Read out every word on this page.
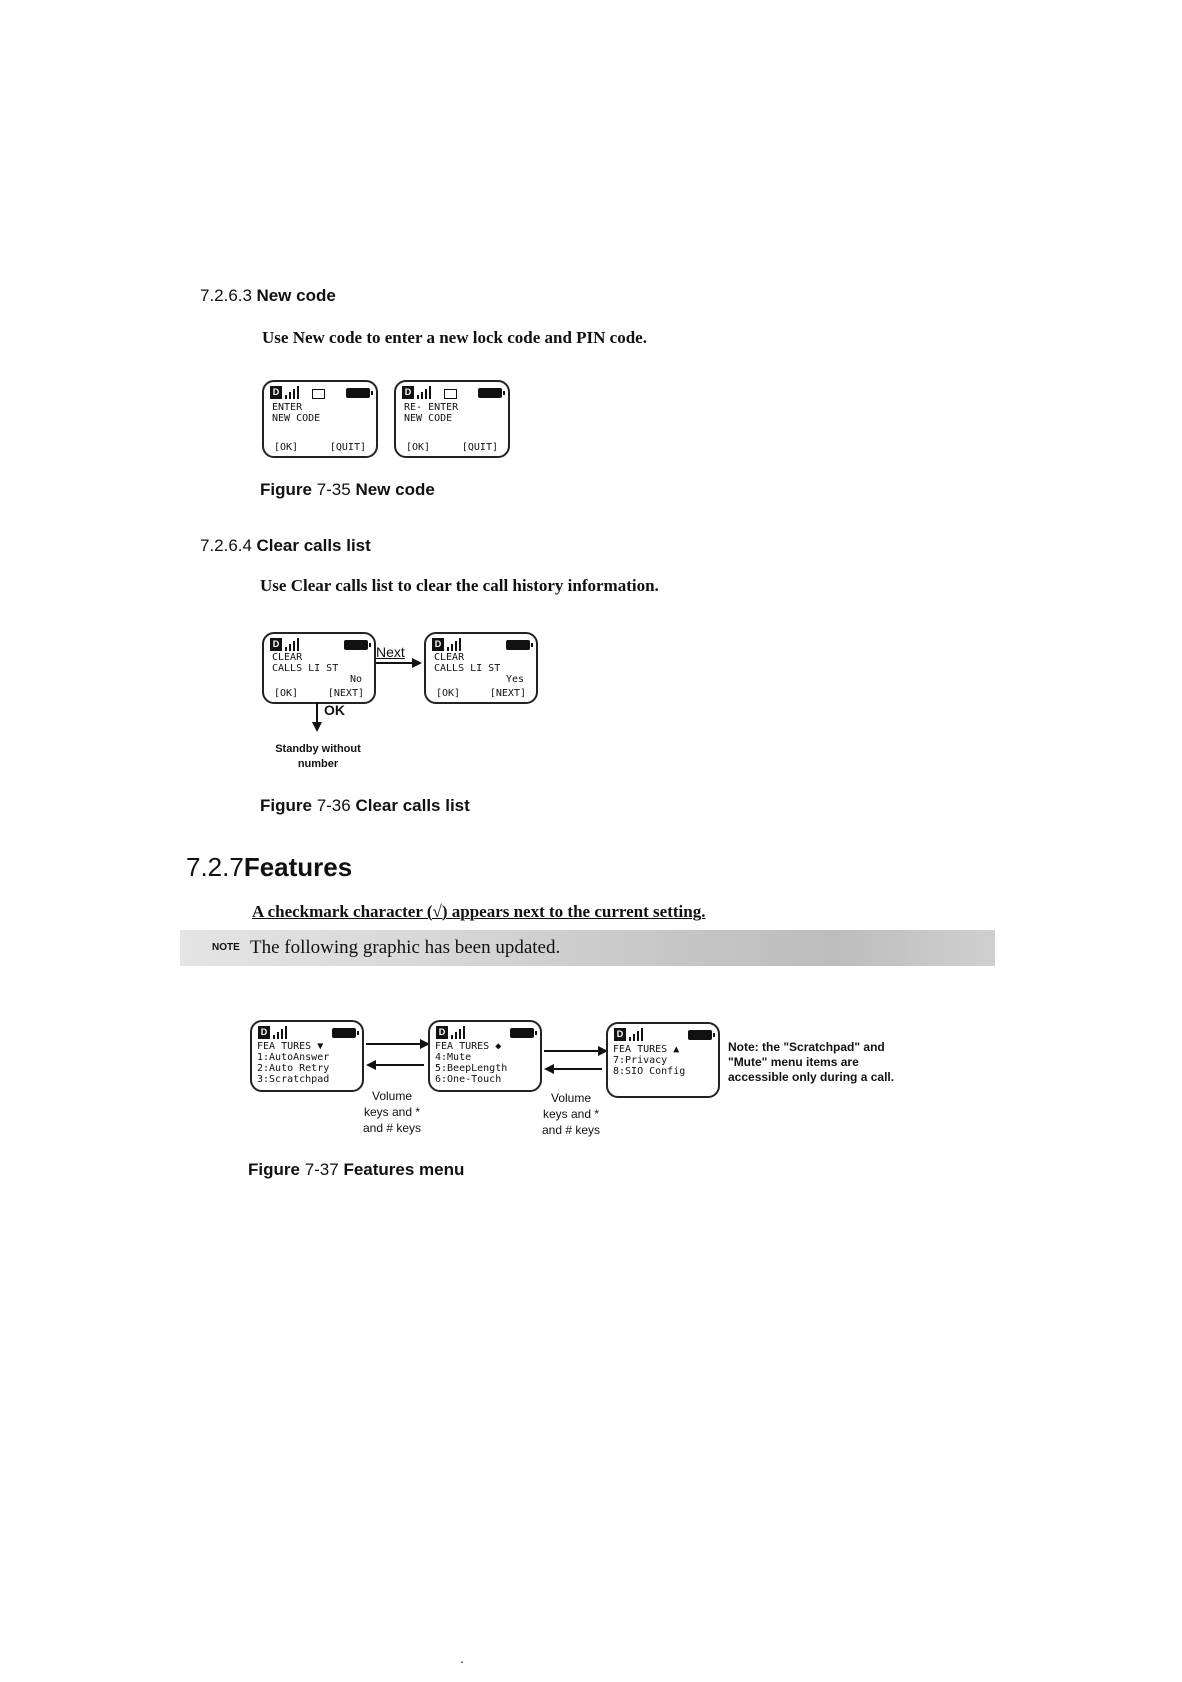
7.2.6.3 New code
Use New code to enter a new lock code and PIN code.
D
ENTER
NEW CODE
[OK]	[QUIT]
D
RE- ENTER
NEW CODE
[OK]	[QUIT]
Figure 7-35 New code
7.2.6.4 Clear calls list
Use Clear calls list to clear the call history information.
D
CLEAR
CALLS LI ST
No
[OK]	[NEXT]
Next	D
CLEAR
CALLS LI ST
Yes
[OK]	[NEXT]
OK
Standby without
number
Figure 7-36 Clear calls list
7.2.7Features
A checkmark character (√) appears next to the current setting.
NOTE The following graphic has been updated.
D
FEA TURES ▼
1:AutoAnswer
2:Auto Retry
3:Scratchpad
D
FEA TURES ◆
4:Mute
5:BeepLength
6:One-Touch
D
FEA TURES ▲
7:Privacy
8:SIO Config
Note: the "Scratchpad" and
"Mute" menu items are
accessible only during a call.
Volume
keys and *
and # keys
Volume
keys and *
and # keys
Figure 7-37 Features menu
.
